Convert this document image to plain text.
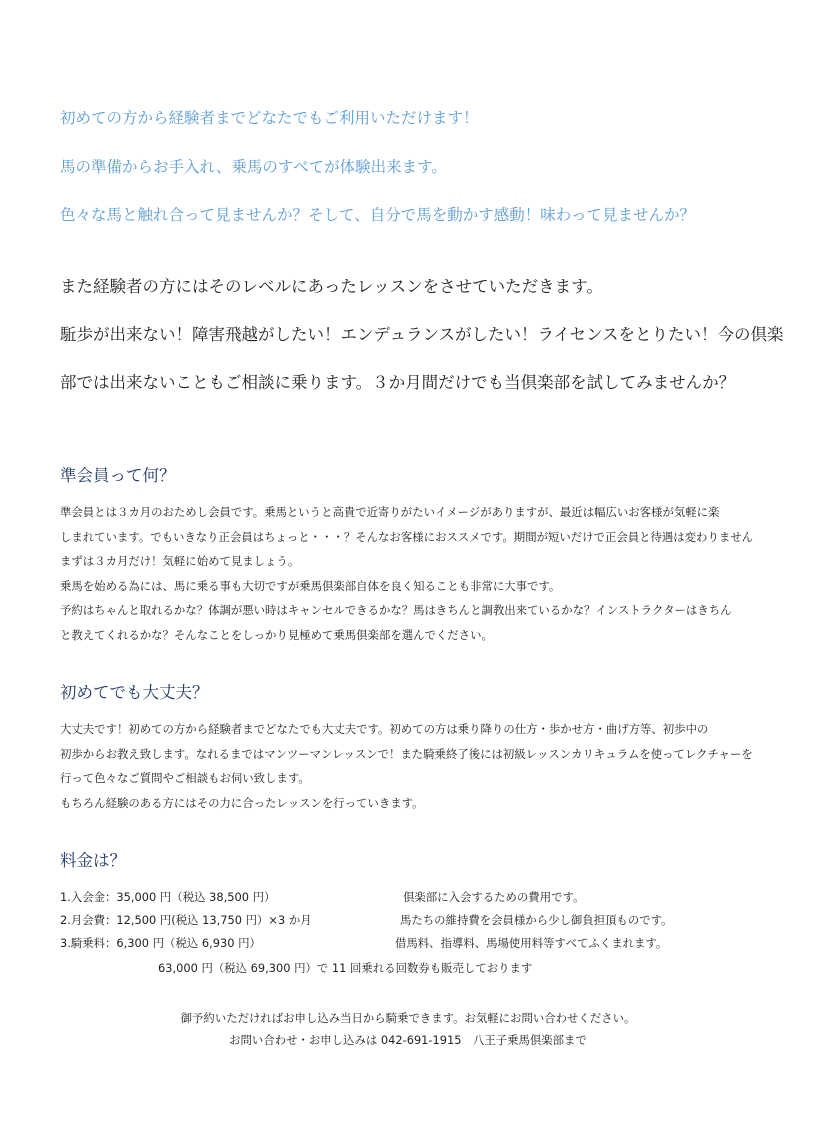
初めての方から経験者までどなたでもご利用いただけます！
馬の準備からお手入れ、乗馬のすべてが体験出来ます。
色々な馬と触れ合って見ませんか？そして、自分で馬を動かす感動！味わって見ませんか？
また経験者の方にはそのレベルにあったレッスンをさせていただきます。
駈歩が出来ない！障害飛越がしたい！エンデュランスがしたい！ライセンスをとりたい！今の倶楽
部では出来ないこともご相談に乗ります。３か月間だけでも当倶楽部を試してみませんか？
準会員って何？
準会員とは３カ月のおためし会員です。乗馬というと高貴で近寄りがたいイメージがありますが、最近は幅広いお客様が気軽に楽
しまれています。でもいきなり正会員はちょっと・・・？そんなお客様におススメです。期間が短いだけで正会員と待遇は変わりません
まずは３カ月だけ！気軽に始めて見ましょう。
乗馬を始める為には、馬に乗る事も大切ですが乗馬倶楽部自体を良く知ることも非常に大事です。
予約はちゃんと取れるかな？体調が悪い時はキャンセルできるかな？馬はきちんと調教出来ているかな？インストラクターはきちん
と教えてくれるかな？そんなことをしっかり見極めて乗馬倶楽部を選んでください。
初めてでも大丈夫？
大丈夫です！初めての方から経験者までどなたでも大丈夫です。初めての方は乗り降りの仕方・歩かせ方・曲げ方等、初歩中の
初歩からお教え致します。なれるまではマンツーマンレッスンで！また騎乗終了後には初級レッスンカリキュラムを使ってレクチャーを
行って色々なご質問やご相談もお伺い致します。
もちろん経験のある方にはその力に合ったレッスンを行っていきます。
料金は？
1.入会金：35,000 円（税込 38,500 円）	倶楽部に入会するための費用です。
2.月会費：12,500 円(税込 13,750 円）×3 か月	馬たちの維持費を会員様から少し御負担頂ものです。
3.騎乗料：6,300 円（税込 6,930 円）	借馬料、指導料、馬場使用料等すべてふくまれます。
63,000 円（税込 69,300 円）で 11 回乗れる回数券も販売しております
御予約いただければお申し込み当日から騎乗できます。お気軽にお問い合わせください。
お問い合わせ・お申し込みは 042-691-1915　八王子乗馬倶楽部まで
